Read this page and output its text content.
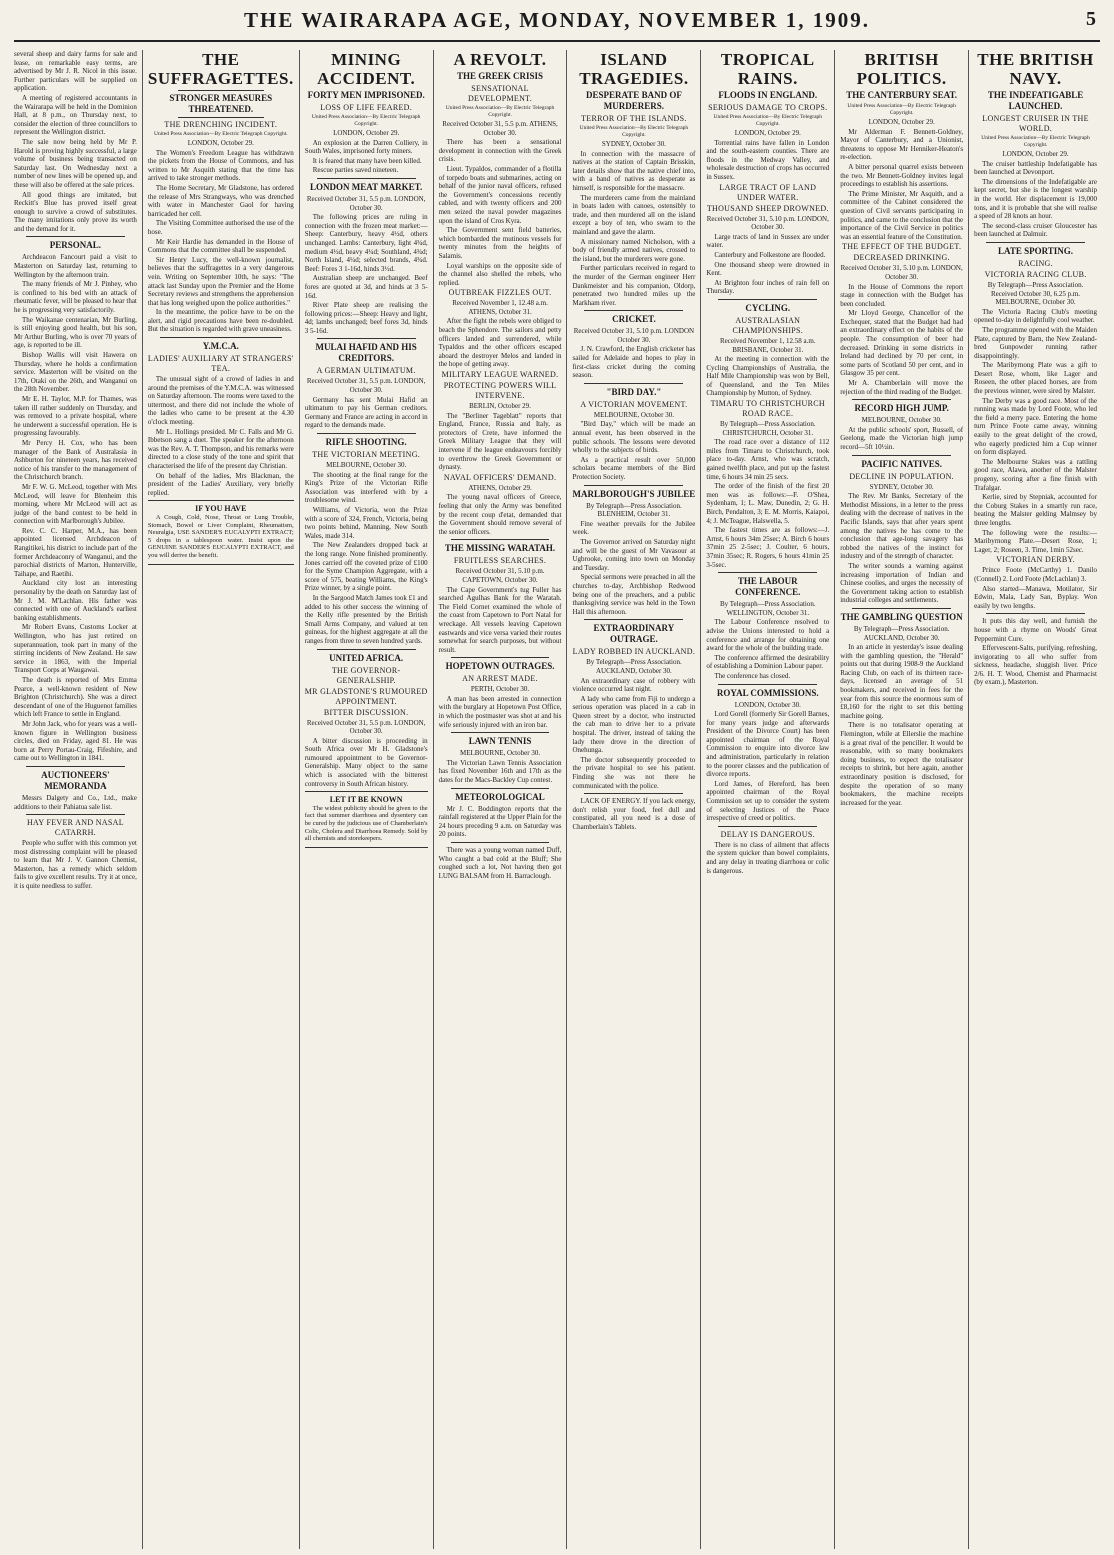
THE WAIRARAPA AGE, MONDAY, NOVEMBER 1, 1909.	5

several sheep and dairy farms for sale and lease, on remarkable easy terms, are advertised by Mr J. R. Nicol in this issue. Further particulars will be supplied on application.

A meeting of registered accountants in the Wairarapa will be held in the Dominion Hall, at 8 p.m., on Thursday next, to consider the election of three councillors to represent the Wellington district.

The sale now being held by Mr P. Harold is proving highly successful, a large volume of business being transacted on Saturday last. On Wednesday next a number of new lines will be opened up, and these will also be offered at the sale prices.

All good things are imitated, but Reckitt's Blue has proved itself great enough to survive a crowd of substitutes. The many imitations only prove its worth and the demand for it.

PERSONAL.

Archdeacon Fancourt paid a visit to Masterton on Saturday last, returning to Wellington by the afternoon train.

The many friends of Mr J. Pinhey, who is confined to his bed with an attack of rheumatic fever, will be pleased to hear that he is progressing very satisfactorily.

The Waikanae centenarian, Mr Burling, is still enjoying good health, but his son, Mr Arthur Burling, who is over 70 years of age, is reported to be ill.

Bishop Wallis will visit Hawera on Thursday, where he holds a confirmation service. Masterton will be visited on the 17th, Otaki on the 26th, and Wanganui on the 28th November.

Mr E. H. Taylor, M.P. for Thames, was taken ill rather suddenly on Thursday, and was removed to a private hospital, where he underwent a successful operation. He is progressing favourably.

Mr Percy H. Cox, who has been manager of the Bank of Australasia in Ashburton for nineteen years, has received notice of his transfer to the management of the Christchurch branch.

Mr F. W. G. McLeod, together with Mrs McLeod, will leave for Blenheim this morning, where Mr McLeod will act as judge of the band contest to be held in connection with Marlborough's Jubilee.

Rev. C. C. Harper, M.A., has been appointed licensed Archdeacon of Rangitikei, his district to include part of the former Archdeaconry of Wanganui, and the parochial districts of Marton, Hunterville, Taihape, and Raetihi.

Auckland city lost an interesting personality by the death on Saturday last of Mr J. M. M'Lachlan. His father was connected with one of Auckland's earliest banking establishments.

Mr Robert Evans, Customs Locker at Wellington, who has just retired on superannuation, took part in many of the stirring incidents of New Zealand. He saw service in 1863, with the Imperial Transport Corps at Waugawai.

The death is reported of Mrs Emma Pearce, a well-known resident of New Brighton (Christchurch). She was a direct descendant of one of the Huguenot families which left France to settle in England.

Mr John Jack, who for years was a well-known figure in Wellington business circles, died on Friday, aged 81. He was born at Perry Portau-Craig, Fifeshire, and came out to Wellington in 1841.

AUCTIONEERS' MEMORANDA

Messrs Dalgety and Co., Ltd., make additions to their Pahiatua sale list.

HAY FEVER AND NASAL CATARRH.

People who suffer with this common yet most distressing complaint will be pleased to learn that Mr J. V. Gannon Chemist, Masterton, has a remedy which seldom fails to give excellent results. Try it at once, it is quite needless to suffer.

THE SUFFRAGETTES.
STRONGER MEASURES THREATENED.
THE DRENCHING INCIDENT.
United Press Association—By Electric Telegraph Copyright.
LONDON, October 29.

The Women's Freedom League has withdrawn the pickets from the House of Commons, and has written to Mr Asquith stating that the time has arrived to take stronger methods.

The Home Secretary, Mr Gladstone, has ordered the release of Mrs Strangways, who was drenched with water in Manchester Gaol for having barricaded her cell.

The Visiting Committee authorised the use of the hose.

Mr Keir Hardie has demanded in the House of Commons that the committee shall be suspended.

Sir Henry Lucy, the well-known journalist, believes that the suffragettes in a very dangerous vein. Writing on September 10th, he says: "The attack last Sunday upon the Premier and the Home Secretary reviews and strengthens the apprehension that has long weighed upon the police authorities."

In the meantime, the police have to be on the alert, and rigid precautions have been re-doubled. But the situation is regarded with grave uneasiness.

Y.M.C.A.
LADIES' AUXILIARY AT STRANGERS' TEA.

The unusual sight of a crowd of ladies in and around the premises of the Y.M.C.A. was witnessed on Saturday afternoon. The rooms were taxed to the uttermost, and there did not include the whole of the ladies who came to be present at the 4.30 o'clock meeting.

Mr L. Hollings presided. Mr C. Falls and Mr G. Ibbetson sang a duet. The speaker for the afternoon was the Rev. A. T. Thompson, and his remarks were directed to a close study of the tone and spirit that characterised the life of the present day Christian.

On behalf of the ladies, Mrs Blackman, the president of the Ladies' Auxiliary, very briefly replied.

IF YOU HAVE

A Cough, Cold, Nose, Throat or Lung Trouble, Stomach, Bowel or Liver Complaint, Rheumatism, Neuralgia, USE SANDER'S EUCALYPTI EXTRACT; 5 drops in a tablespoon water. Insist upon the GENUINE SANDER'S EUCALYPTI EXTRACT, and you will derive the benefit.

MINING ACCIDENT.
FORTY MEN IMPRISONED.
LOSS OF LIFE FEARED.
United Press Association—By Electric Telegraph Copyright.
LONDON, October 29.

An explosion at the Darren Colliery, in South Wales, imprisoned forty miners.

It is feared that many have been killed.

Rescue parties saved nineteen.

LONDON MEAT MARKET.
Received October 31, 5.5 p.m. LONDON, October 30.

The following prices are ruling in connection with the frozen meat market:—Sheep: Canterbury, heavy 4½d, others unchanged. Lambs: Canterbury, light 4¾d, medium 4½d, heavy 4¼d; Southland, 4¾d; North Island, 4¼d; selected brands, 4¾d. Beef: Fores 3 1-16d, hinds 3½d.

Australian sheep are unchanged. Beef fores are quoted at 3d, and hinds at 3 5-16d.

River Plate sheep are realising the following prices:—Sheep: Heavy and light, 4d; lambs unchanged; beef fores 3d, hinds 3 5-16d.

MULAI HAFID AND HIS CREDITORS.
A GERMAN ULTIMATUM.
Received October 31, 5.5 p.m. LONDON, October 30.

Germany has sent Mulai Hafid an ultimatum to pay his German creditors. Germany and France are acting in accord in regard to the demands made.

RIFLE SHOOTING.
THE VICTORIAN MEETING.
MELBOURNE, October 30.

The shooting at the final range for the King's Prize of the Victorian Rifle Association was interfered with by a troublesome wind.

Williams, of Victoria, won the Prize with a score of 324, French, Victoria, being two points behind, Manning, New South Wales, made 314.

The New Zealanders dropped back at the long range. None finished prominently. Jones carried off the coveted prize of £100 for the Syme Champion Aggregate, with a score of 575, beating Williams, the King's Prize winner, by a single point.

In the Sargood Match James took £1 and added to his other success the winning of the Kelly rifle presented by the British Small Arms Company, and valued at ten guineas, for the highest aggregate at all the ranges from three to seven hundred yards.

UNITED AFRICA.
THE GOVERNOR-GENERALSHIP.
MR GLADSTONE'S RUMOURED APPOINTMENT.
BITTER DISCUSSION.
Received October 31, 5.5 p.m. LONDON, October 30.

A bitter discussion is proceeding in South Africa over Mr H. Gladstone's rumoured appointment to be Governor-Generalship. Many object to the same which is associated with the bitterest controversy in South African history.

LET IT BE KNOWN

The widest publicity should be given to the fact that summer diarrhoea and dysentery can be cured by the judicious use of Chamberlain's Colic, Cholera and Diarrhoea Remedy. Sold by all chemists and storekeepers.

A REVOLT.
THE GREEK CRISIS
SENSATIONAL DEVELOPMENT.
United Press Association—By Electric Telegraph Copyright.
Received October 31, 5.5 p.m. ATHENS, October 30.

There has been a sensational development in connection with the Greek crisis.

Lieut. Typaldos, commander of a flotilla of torpedo boats and submarines, acting on behalf of the junior naval officers, refused the Government's concessions recently cabled, and with twenty officers and 200 men seized the naval powder magazines upon the island of Cros Kyra.

The Government sent field batteries, which bombarded the mutinous vessels for twenty minutes from the heights of Salamis.

Loyal warships on the opposite side of the channel also shelled the rebels, who replied.

OUTBREAK FIZZLES OUT.
Received November 1, 12.48 a.m. ATHENS, October 31.

After the fight the rebels were obliged to beach the Sphendore. The sailors and petty officers landed and surrendered, while Typaldos and the other officers escaped aboard the destroyer Melos and landed in the hope of getting away.

MILITARY LEAGUE WARNED.
PROTECTING POWERS WILL INTERVENE.
BERLIN, October 29.

The "Berliner Tageblatt" reports that England, France, Russia and Italy, as protectors of Crete, have informed the Greek Military League that they will intervene if the league endeavours forcibly to overthrow the Greek Government or dynasty.

NAVAL OFFICERS' DEMAND.
ATHENS, October 29.

The young naval officers of Greece, feeling that only the Army was benefited by the recent coup d'etat, demanded that the Government should remove several of the senior officers.

THE MISSING WARATAH.
FRUITLESS SEARCHES.
Received October 31, 5.10 p.m. CAPETOWN, October 30.

The Cape Government's tug Fuller has searched Agulhas Bank for the Waratah. The Field Cornet examined the whole of the coast from Capetown to Port Natal for wreckage. All vessels leaving Capetown eastwards and vice versa varied their routes somewhat for search purposes, but without result.

HOPETOWN OUTRAGES.
AN ARREST MADE.
PERTH, October 30.

A man has been arrested in connection with the burglary at Hopetown Post Office, in which the postmaster was shot at and his wife seriously injured with an iron bar.

LAWN TENNIS
MELBOURNE, October 30.

The Victorian Lawn Tennis Association has fixed November 16th and 17th as the dates for the Macs-Backley Cup contest.

METEOROLOGICAL

Mr J. C. Boddington reports that the rainfall registered at the Upper Plain for the 24 hours preceding 9 a.m. on Saturday was 20 points.

There was a young woman named Duff, Who caught a bad cold at the Bluff; She coughed such a lot, Not having then got LUNG BALSAM from H. Barraclough.

ISLAND TRAGEDIES.
DESPERATE BAND OF MURDERERS.
TERROR OF THE ISLANDS.
United Press Association—By Electric Telegraph Copyright.
SYDNEY, October 30.

In connection with the massacre of natives at the station of Captain Brisskin, later details show that the native chief into, with a band of natives as desperate as himself, is responsible for the massacre.

The murderers came from the mainland in boats laden with canoes, ostensibly to trade, and then murdered all on the island except a boy of ten, who swam to the mainland and gave the alarm.

A missionary named Nicholson, with a body of friendly armed natives, crossed to the island, but the murderers were gone.

Further particulars received in regard to the murder of the German engineer Herr Dankmeister and his companion, Oldorp, penetrated two hundred miles up the Markham river.

CRICKET.
Received October 31, 5.10 p.m. LONDON October 30.

J. N. Crawford, the English cricketer has sailed for Adelaide and hopes to play in first-class cricket during the coming season.

"BIRD DAY."
A VICTORIAN MOVEMENT.
MELBOURNE, October 30.

"Bird Day," which will be made an annual event, has been observed in the public schools. The lessons were devoted wholly to the subjects of birds.

As a practical result over 50,000 scholars became members of the Bird Protection Society.

MARLBOROUGH'S JUBILEE
By Telegraph—Press Association. BLENHEIM, October 31.

Fine weather prevails for the Jubilee week.

The Governor arrived on Saturday night and will be the guest of Mr Vavasour at Ugbrooke, coming into town on Monday and Tuesday.

Special sermons were preached in all the churches to-day, Archbishop Redwood being one of the preachers, and a public thanksgiving service was held in the Town Hall this afternoon.

EXTRAORDINARY OUTRAGE.
LADY ROBBED IN AUCKLAND.
By Telegraph—Press Association. AUCKLAND, October 30.

An extraordinary case of robbery with violence occurred last night.

A lady who came from Fiji to undergo a serious operation was placed in a cab in Queen street by a doctor, who instructed the cab man to drive her to a private hospital. The driver, instead of taking the lady there drove in the direction of Onehunga.

The doctor subsequently proceeded to the private hospital to see his patient. Finding she was not there he communicated with the police.

LACK OF ENERGY. If you lack energy, don't relish your food, feel dull and constipated, all you need is a dose of Chamberlain's Tablets.

TROPICAL RAINS.
FLOODS IN ENGLAND.
SERIOUS DAMAGE TO CROPS.
United Press Association—By Electric Telegraph Copyright.
LONDON, October 29.

Torrential rains have fallen in London and the south-eastern counties. There are floods in the Medway Valley, and wholesale destruction of crops has occurred in Sussex.

LARGE TRACT OF LAND UNDER WATER.
THOUSAND SHEEP DROWNED.
Received October 31, 5.10 p.m. LONDON, October 30.

Large tracts of land in Sussex are under water.

Canterbury and Folkestone are flooded.

One thousand sheep were drowned in Kent.

At Brighton four inches of rain fell on Thursday.

CYCLING.
AUSTRALASIAN CHAMPIONSHIPS.
Received November 1, 12.58 a.m. BRISBANE, October 31.

At the meeting in connection with the Cycling Championships of Australia, the Half Mile Championship was won by Bell, of Queensland, and the Ten Miles Championship by Mutton, of Sydney.

TIMARU TO CHRISTCHURCH ROAD RACE.
By Telegraph—Press Association. CHRISTCHURCH, October 31.

The road race over a distance of 112 miles from Timaru to Christchurch, took place to-day. Arnst, who was scratch, gained twelfth place, and put up the fastest time, 6 hours 34 min 25 secs.

The order of the finish of the first 20 men was as follows:—F. O'Shea, Sydenham, 1; L. Maw, Dunedin, 2; G. H. Birch, Pendalton, 3; E. M. Morris, Kaiapoi, 4; J. McTeague, Halswella, 5.

The fastest times are as follows:—J. Arnst, 6 hours 34m 25sec; A. Birch 6 hours 37min 25 2-5sec; J. Coulter, 6 hours, 37min 35sec; R. Rogers, 6 hours 41min 25 3-5sec.

THE LABOUR CONFERENCE.
By Telegraph—Press Association. WELLINGTON, October 31.

The Labour Conference resolved to advise the Unions interested to hold a conference and arrange for obtaining one award for the whole of the building trade.

The conference affirmed the desirability of establishing a Dominion Labour paper.

The conference has closed.

ROYAL COMMISSIONS.
LONDON, October 30.

Lord Gorell (formerly Sir Gorell Barnes, for many years judge and afterwards President of the Divorce Court) has been appointed chairman of the Royal Commission to enquire into divorce law and administration, particularly in relation to the poorer classes and the publication of divorce reports.

Lord James, of Hereford, has been appointed chairman of the Royal Commission set up to consider the system of selecting Justices of the Peace irrespective of creed or politics.

DELAY IS DANGEROUS.

There is no class of ailment that affects the system quicker than bowel complaints, and any delay in treating diarrhoea or colic is dangerous.

BRITISH POLITICS.
THE CANTERBURY SEAT.
United Press Association—By Electric Telegraph Copyright.
LONDON, October 29.

Mr Alderman F. Bennett-Goldney, Mayor of Canterbury, and a Unionist, threatens to oppose Mr Henniker-Heaton's re-election.

A bitter personal quarrel exists between the two. Mr Bennett-Goldney invites legal proceedings to establish his assertions.

The Prime Minister, Mr Asquith, and a committee of the Cabinet considered the question of Civil servants participating in politics, and came to the conclusion that the importance of the Civil Service in politics was an essential feature of the Constitution.

THE EFFECT OF THE BUDGET.
DECREASED DRINKING.
Received October 31, 5.10 p.m. LONDON, October 30.

In the House of Commons the report stage in connection with the Budget has been concluded.

Mr Lloyd George, Chancellor of the Exchequer, stated that the Budget had had an extraordinary effect on the habits of the people. The consumption of beer had decreased. Drinking in some districts in Ireland had declined by 70 per cent, in some parts of Scotland 50 per cent, and in Glasgow 35 per cent.

Mr A. Chamberlain will move the rejection of the third reading of the Budget.

RECORD HIGH JUMP.
MELBOURNE, October 30.

At the public schools' sport, Russell, of Geelong, made the Victorian high jump record—5ft 10½in.

PACIFIC NATIVES.
DECLINE IN POPULATION.
SYDNEY, October 30.

The Rev. Mr Banks, Secretary of the Methodist Missions, in a letter to the press dealing with the decrease of natives in the Pacific Islands, says that after years spent among the natives he has come to the conclusion that age-long savagery has robbed the natives of the instinct for industry and of the strength of character.

The writer sounds a warning against increasing importation of Indian and Chinese coolies, and urges the necessity of the Government taking action to establish industrial colleges and settlements.

THE GAMBLING QUESTION
By Telegraph—Press Association. AUCKLAND, October 30.

In an article in yesterday's issue dealing with the gambling question, the "Herald" points out that during 1908-9 the Auckland Racing Club, on each of its thirteen race-days, licensed an average of 51 bookmakers, and received in fees for the year from this source the enormous sum of £8,160 for the right to set this betting machine going.

There is no totalisator operating at Flemington, while at Ellerslie the machine is a great rival of the penciller. It would be reasonable, with so many bookmakers doing business, to expect the totalisator receipts to shrink, but here again, another extraordinary position is disclosed, for despite the operation of so many bookmakers, the machine receipts increased for the year.

THE BRITISH NAVY.
THE INDEFATIGABLE LAUNCHED.
LONGEST CRUISER IN THE WORLD.
United Press Association—By Electric Telegraph Copyright.
LONDON, October 29.

The cruiser battleship Indefatigable has been launched at Devonport.

The dimensions of the Indefatigable are kept secret, but she is the longest warship in the world. Her displacement is 19,000 tons, and it is probable that she will realise a speed of 28 knots an hour.

The second-class cruiser Gloucester has been launched at Dalmuir.

LATE SPORTING.
RACING.
VICTORIA RACING CLUB.
By Telegraph—Press Association. Received October 30, 6.25 p.m. MELBOURNE, October 30.

The Victoria Racing Club's meeting opened to-day in delightfully cool weather.

The programme opened with the Maiden Plate, captured by Barn, the New Zealand-bred Gunpowder running rather disappointingly.

The Maribyrnong Plate was a gift to Desert Rose, whom, like Lager and Roseen, the other placed horses, are from the previous winner, were sired by Malster.

The Derby was a good race. Most of the running was made by Lord Foote, who led the field a merry pace. Entering the home turn Prince Foote came away, winning easily to the great delight of the crowd, who eagerly predicted him a Cup winner on form displayed.

The Melbourne Stakes was a rattling good race, Alawa, another of the Malster progeny, scoring after a fine finish with Trafalgar.

Kerlie, sired by Stepniak, accounted for the Coburg Stakes in a smartly run race, beating the Malster gelding Malmsey by three lengths.

The following were the results:—Maribyrnong Plate.—Desert Rose, 1; Lager, 2; Roseen, 3. Time, 1min 52sec.

VICTORIAN DERBY.

Prince Foote (McCarthy) 1. Danilo (Connell) 2. Lord Foote (McLachlan) 3.

Also started—Manawa, Motilator, Sir Edwin, Mala, Lady San, Byplay. Won easily by two lengths.

It puts this day well, and furnish the house with a rhyme on Woods' Great Peppermint Cure.

Effervescent-Salts, purifying, refreshing, invigorating to all who suffer from sickness, headache, sluggish liver. Price 2/6. H. T. Wood, Chemist and Pharmacist (by exam.), Masterton.
